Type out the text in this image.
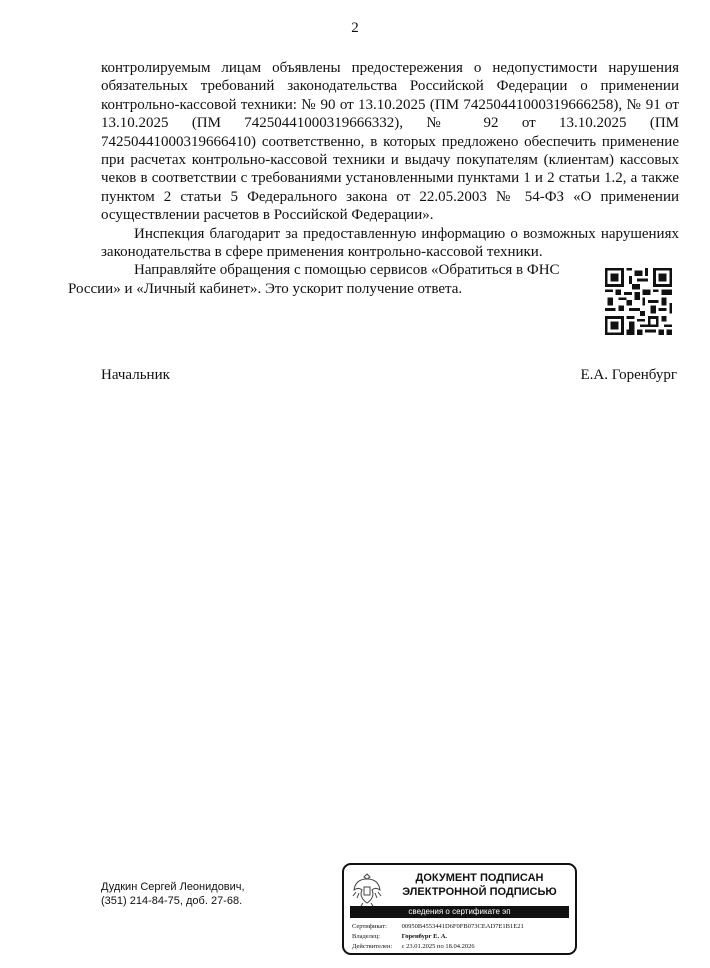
2

контролируемым лицам объявлены предостережения о недопустимости нарушения обязательных требований законодательства Российской Федерации о применении контрольно-кассовой техники: № 90 от 13.10.2025 (ПМ 74250441000319666258), № 91 от 13.10.2025 (ПМ 74250441000319666332), № 92 от 13.10.2025 (ПМ 74250441000319666410) соответственно, в которых предложено обеспечить применение при расчетах контрольно-кассовой техники и выдачу покупателям (клиентам) кассовых чеков в соответствии с требованиями установленными пунктами 1 и 2 статьи 1.2, а также пунктом 2 статьи 5 Федерального закона от 22.05.2003 № 54-ФЗ «О применении осуществлении расчетов в Российской Федерации».

Инспекция благодарит за предоставленную информацию о возможных нарушениях законодательства в сфере применения контрольно-кассовой техники.

Направляйте обращения с помощью сервисов «Обратиться в ФНС
России» и «Личный кабинет». Это ускорит получение ответа.

Начальник	Е.А. Горенбург
Дудкин Сергей Леонидович,
(351) 214-84-75, доб. 27-68.
ДОКУМЕНТ ПОДПИСАН
ЭЛЕКТРОННОЙ ПОДПИСЬЮ
сведения о сертификате эп
Сертификат: 00950B4553441D6F0FB073CEAD7E1B1E21
Владелец:	Горенбург Е. А.
Действителен: с 23.01.2025 по 18.04.2026
